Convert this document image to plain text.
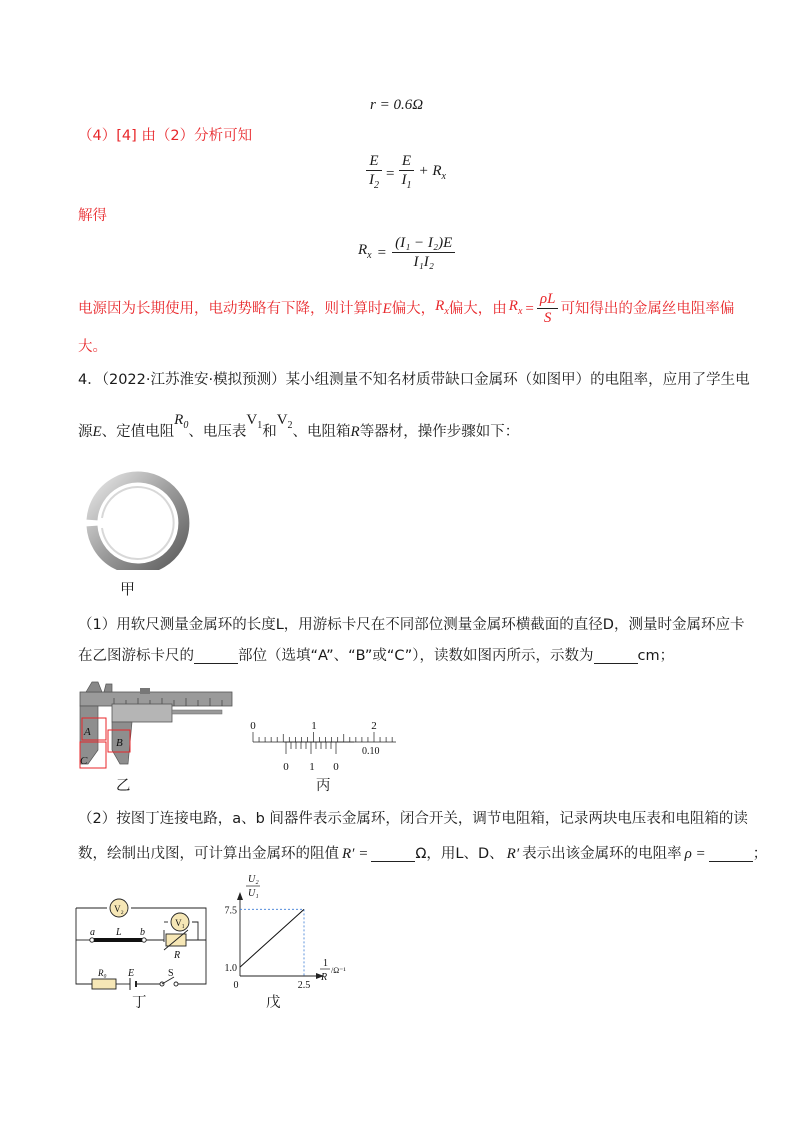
r = 0.6Ω
（4）[4] 由（2）分析可知
$\frac{E}{I_2} = \frac{E}{I_1} + R_x$
解得
$R_x = \frac{\text{(I₁ − I₂)E}}{\text{I₁I₂}}$
电源因为长期使用，电动势略有下降，则计算时 E 偏大， $R_x$ 偏大，由 $R_x = \frac{\rho L}{S}$ 可知得出的金属丝电阻率偏
大。
4．（2022·江苏淮安·模拟预测）某小组测量不知名材质带缺口金属环（如图甲）的电阻率，应用了学生电
源 E 、定值电阻
$R_0$ 、电压表
$V_1$ 和
$V_2$ 、电阻箱 R 等器材，操作步骤如下：
甲
（1）用软尺测量金属环的长度L，用游标卡尺在不同部位测量金属环横截面的直径D，测量时金属环应卡
在乙图游标卡尺的	部位（选填“A”、“B”或“C”），读数如图丙所示，示数为	cm；
A
B
C
乙
0	1	2
0 1 0
0.10
丙
（2）按图丁连接电路，a、b 间器件表示金属环，闭合开关，调节电阻箱，记录两块电压表和电阻箱的读
数，绘制出戊图，可计算出金属环的阻值 R′ =	Ω，用L、D、 R′ 表示出该金属环的电阻率 ρ =	；
V₂
V₁
a L b
R
R₀ E	S
丁
U₂
U₁
7.5
1.0
0	2.5
1
R
/Ω⁻¹
戊
